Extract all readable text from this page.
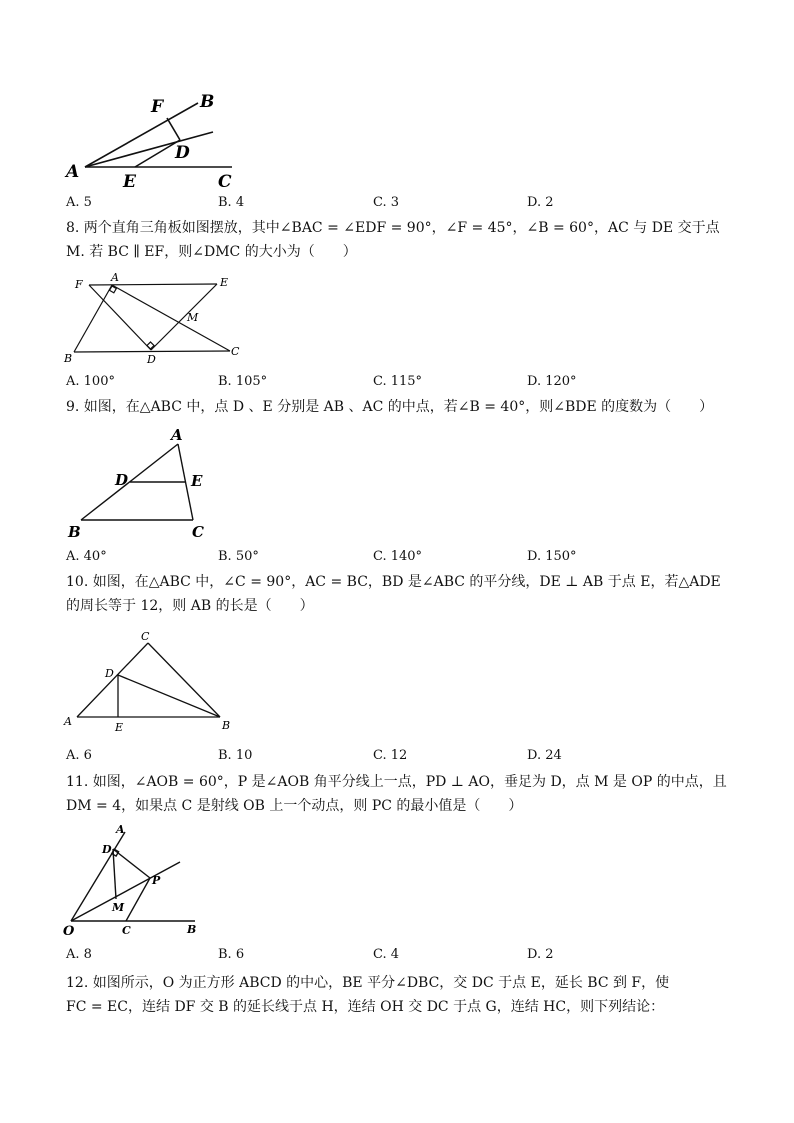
F B
D
A	E	C
A. 5	B. 4	C. 3	D. 2
8. 两个直角三角板如图摆放，其中∠BAC = ∠EDF = 90°，∠F = 45°，∠B = 60°，AC 与 DE 交于点
M. 若 BC ∥ EF，则∠DMC 的大小为（　　）
F
A	E
M
B	D
C
A. 100°	B. 105°	C. 115°	D. 120°
9. 如图，在△ABC 中，点 D 、E 分别是 AB 、AC 的中点，若∠B = 40°，则∠BDE 的度数为（　　）
A
D	E
B	C
A. 40°	B. 50°	C. 140°	D. 150°
10. 如图，在△ABC 中，∠C = 90°，AC = BC，BD 是∠ABC 的平分线，DE ⊥ AB 于点 E，若△ADE
的周长等于 12，则 AB 的长是（　　）
C
D
A	E	B
A. 6	B. 10	C. 12	D. 24
11. 如图，∠AOB = 60°，P 是∠AOB 角平分线上一点，PD ⊥ AO，垂足为 D，点 M 是 OP 的中点，且
DM = 4，如果点 C 是射线 OB 上一个动点，则 PC 的最小值是（　　）
A
D
P
M
O	C	B
A. 8	B. 6	C. 4	D. 2
12. 如图所示，O 为正方形 ABCD 的中心，BE 平分∠DBC，交 DC 于点 E，延长 BC 到 F，使
FC = EC，连结 DF 交 B 的延长线于点 H，连结 OH 交 DC 于点 G，连结 HC，则下列结论：
